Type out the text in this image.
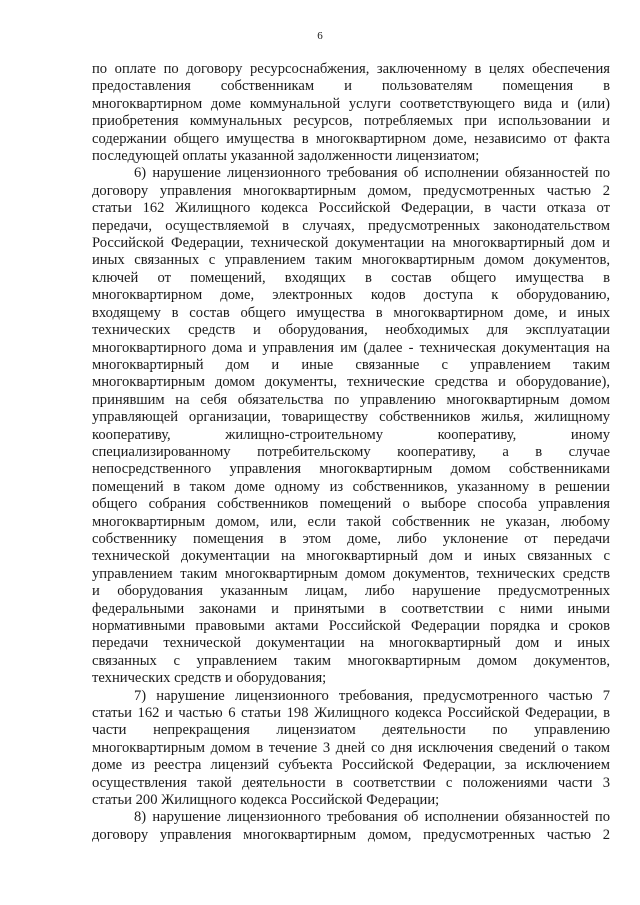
6
по оплате по договору ресурсоснабжения, заключенному в целях обеспечения
предоставления собственникам и пользователям помещения в
многоквартирном доме коммунальной услуги соответствующего вида и (или)
приобретения коммунальных ресурсов, потребляемых при использовании и
содержании общего имущества в многоквартирном доме, независимо от факта
последующей оплаты указанной задолженности лицензиатом;
6) нарушение лицензионного требования об исполнении обязанностей по
договору управления многоквартирным домом, предусмотренных частью 2
статьи 162 Жилищного кодекса Российской Федерации, в части отказа от
передачи, осуществляемой в случаях, предусмотренных законодательством
Российской Федерации, технической документации на многоквартирный дом и
иных связанных с управлением таким многоквартирным домом документов,
ключей от помещений, входящих в состав общего имущества в
многоквартирном доме, электронных кодов доступа к оборудованию,
входящему в состав общего имущества в многоквартирном доме, и иных
технических средств и оборудования, необходимых для эксплуатации
многоквартирного дома и управления им (далее - техническая документация на
многоквартирный дом и иные связанные с управлением таким
многоквартирным домом документы, технические средства и оборудование),
принявшим на себя обязательства по управлению многоквартирным домом
управляющей организации, товариществу собственников жилья, жилищному
кооперативу, жилищно-строительному кооперативу, иному
специализированному потребительскому кооперативу, а в случае
непосредственного управления многоквартирным домом собственниками
помещений в таком доме одному из собственников, указанному в решении
общего собрания собственников помещений о выборе способа управления
многоквартирным домом, или, если такой собственник не указан, любому
собственнику помещения в этом доме, либо уклонение от передачи
технической документации на многоквартирный дом и иных связанных с
управлением таким многоквартирным домом документов, технических средств
и оборудования указанным лицам, либо нарушение предусмотренных
федеральными законами и принятыми в соответствии с ними иными
нормативными правовыми актами Российской Федерации порядка и сроков
передачи технической документации на многоквартирный дом и иных
связанных с управлением таким многоквартирным домом документов,
технических средств и оборудования;
7) нарушение лицензионного требования, предусмотренного частью 7
статьи 162 и частью 6 статьи 198 Жилищного кодекса Российской Федерации, в
части непрекращения лицензиатом деятельности по управлению
многоквартирным домом в течение 3 дней со дня исключения сведений о таком
доме из реестра лицензий субъекта Российской Федерации, за исключением
осуществления такой деятельности в соответствии с положениями части 3
статьи 200 Жилищного кодекса Российской Федерации;
8) нарушение лицензионного требования об исполнении обязанностей по
договору управления многоквартирным домом, предусмотренных частью 2
